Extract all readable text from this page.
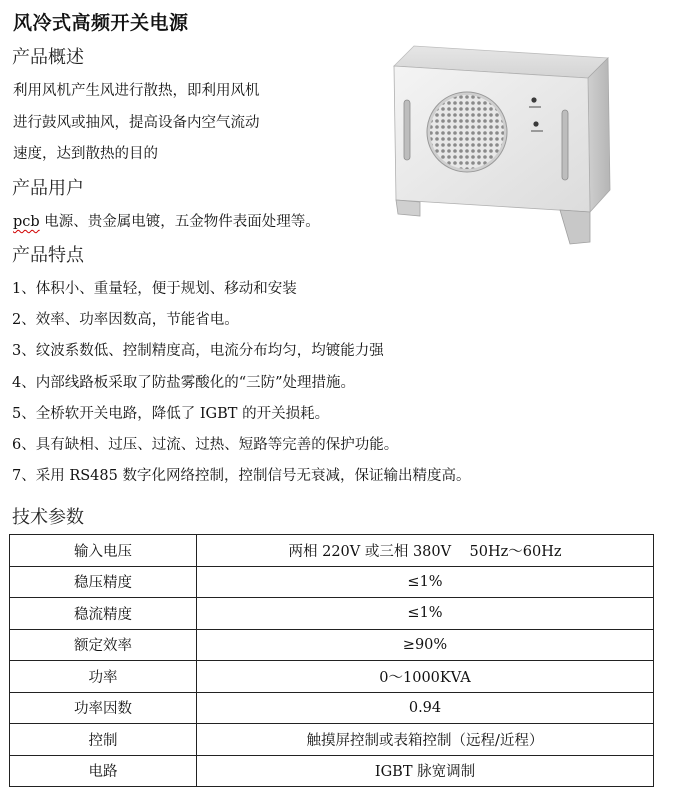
风冷式高频开关电源
产品概述
利用风机产生风进行散热，即利用风机
进行鼓风或抽风，提高设备内空气流动
速度，达到散热的目的
产品用户
pcb 电源、贵金属电镀，五金物件表面处理等。
产品特点
1、体积小、重量轻，便于规划、移动和安装
2、效率、功率因数高，节能省电。
3、纹波系数低、控制精度高，电流分布均匀，均镀能力强
4、内部线路板采取了防盐雾酸化的“三防”处理措施。
5、全桥软开关电路，降低了 IGBT 的开关损耗。
6、具有缺相、过压、过流、过热、短路等完善的保护功能。
7、采用 RS485 数字化网络控制，控制信号无衰减，保证输出精度高。
技术参数
输入电压	两相 220V 或三相 380V    50Hz～60Hz
稳压精度	≤1%
稳流精度	≤1%
额定效率	≥90%
功率	0～1000KVA
功率因数	0.94
控制	触摸屏控制或表箱控制（远程/近程）
电路	IGBT 脉宽调制
